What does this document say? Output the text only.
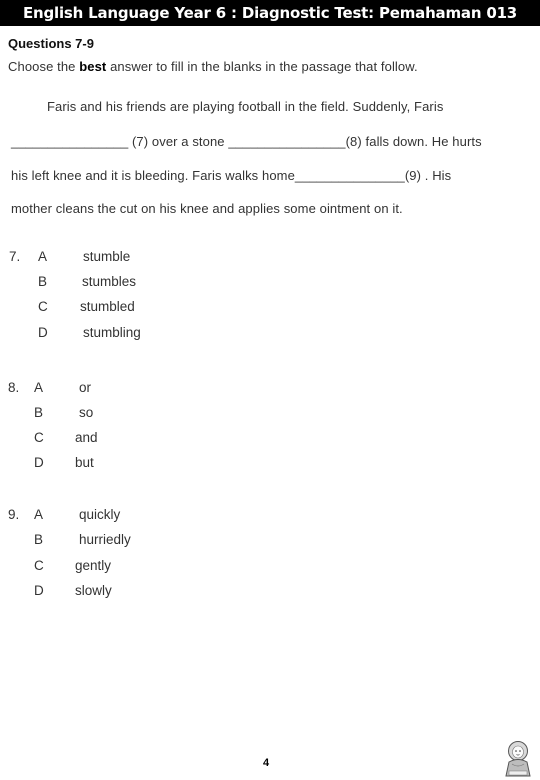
English Language Year 6 : Diagnostic Test: Pemahaman 013
Questions 7-9
Choose the best answer to fill in the blanks in the passage that follow.
Faris and his friends are playing football in the field. Suddenly, Faris
________________ (7) over a stone ________________(8) falls down. He hurts
his left knee and it is bleeding. Faris walks home_______________(9) . His
mother cleans the cut on his knee and applies some ointment on it.
7. A	stumble
B	stumbles
C stumbled
D	stumbling
8. A	or
B	so
C and
D but
9. A	quickly
B	hurriedly
C gently
D slowly
4
